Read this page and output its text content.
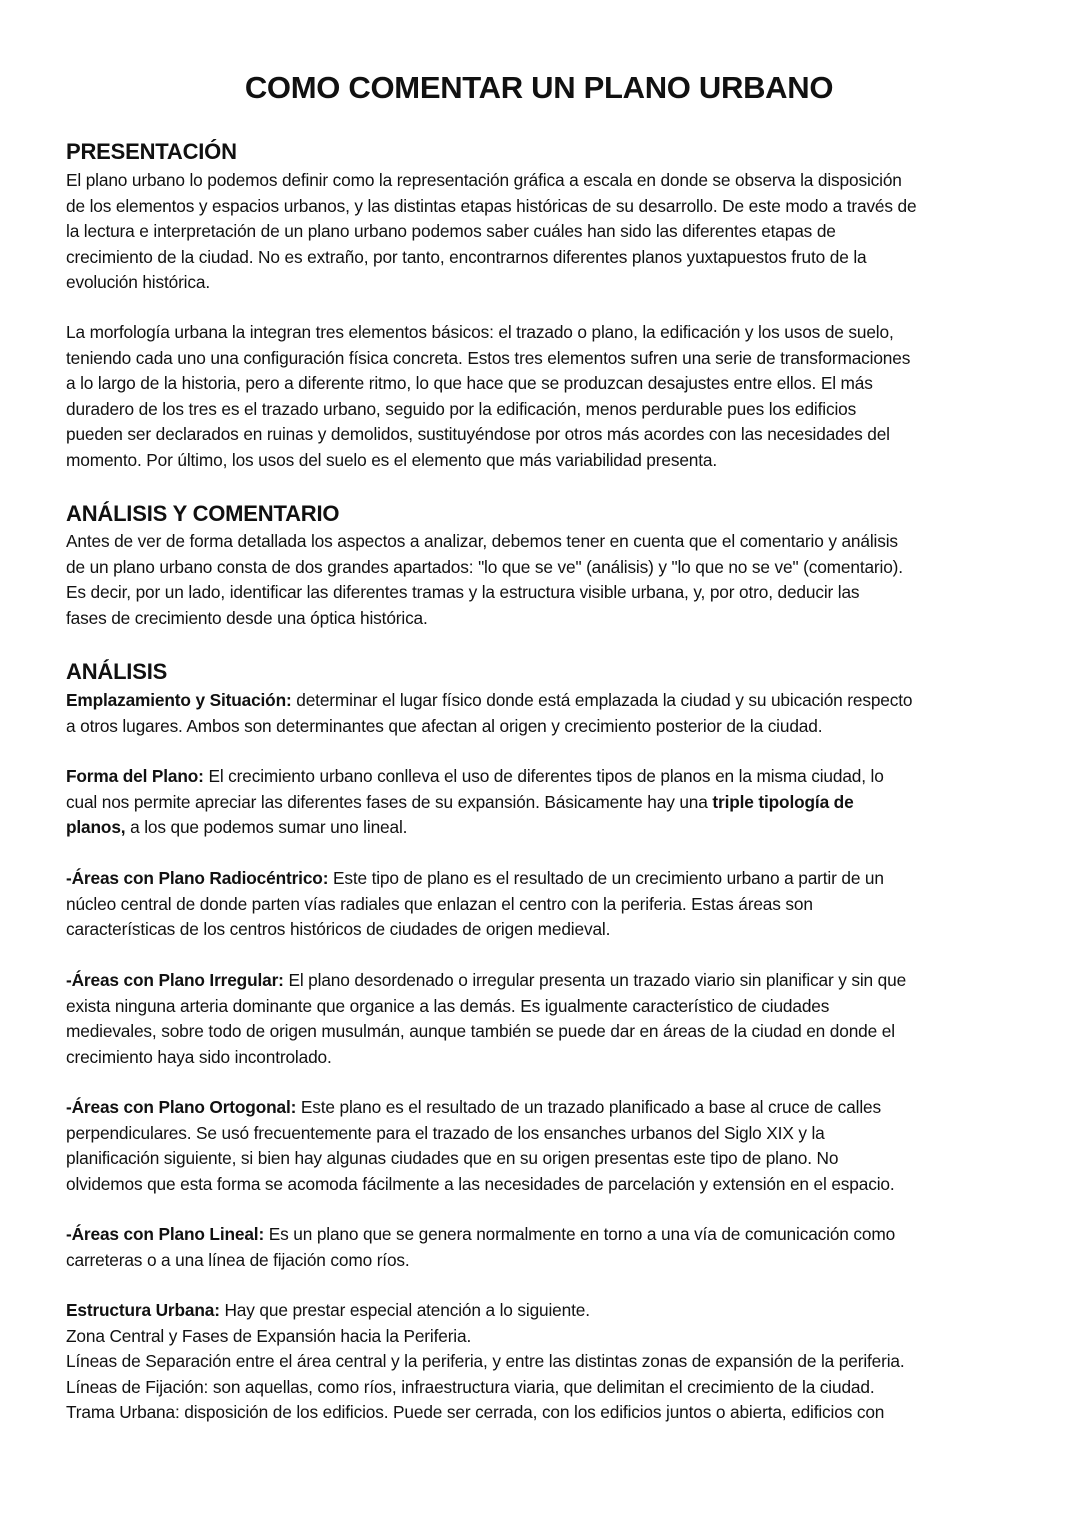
COMO COMENTAR UN PLANO URBANO
PRESENTACIÓN
El plano urbano lo podemos definir como la representación gráfica a escala en donde se observa la disposición
de los elementos y espacios urbanos, y las distintas etapas históricas de su desarrollo. De este modo a través de
la lectura e interpretación de un plano urbano podemos saber cuáles han sido las diferentes etapas de
crecimiento de la ciudad. No es extraño, por tanto, encontrarnos diferentes planos yuxtapuestos fruto de la
evolución histórica.
La morfología urbana la integran tres elementos básicos: el trazado o plano, la edificación y los usos de suelo,
teniendo cada uno una configuración física concreta. Estos tres elementos sufren una serie de transformaciones
a lo largo de la historia, pero a diferente ritmo, lo que hace que se produzcan desajustes entre ellos. El más
duradero de los tres es el trazado urbano, seguido por la edificación, menos perdurable pues los edificios
pueden ser declarados en ruinas y demolidos, sustituyéndose por otros más acordes con las necesidades del
momento. Por último, los usos del suelo es el elemento que más variabilidad presenta.
ANÁLISIS Y COMENTARIO
Antes de ver de forma detallada los aspectos a analizar, debemos tener en cuenta que el comentario y análisis
de un plano urbano consta de dos grandes apartados: "lo que se ve" (análisis) y "lo que no se ve" (comentario).
Es decir, por un lado, identificar las diferentes tramas y la estructura visible urbana, y, por otro, deducir las
fases de crecimiento desde una óptica histórica.
ANÁLISIS
Emplazamiento y Situación: determinar el lugar físico donde está emplazada la ciudad y su ubicación respecto
a otros lugares. Ambos son determinantes que afectan al origen y crecimiento posterior de la ciudad.
Forma del Plano: El crecimiento urbano conlleva el uso de diferentes tipos de planos en la misma ciudad, lo
cual nos permite apreciar las diferentes fases de su expansión. Básicamente hay una triple tipología de
planos, a los que podemos sumar uno lineal.
-Áreas con Plano Radiocéntrico: Este tipo de plano es el resultado de un crecimiento urbano a partir de un
núcleo central de donde parten vías radiales que enlazan el centro con la periferia. Estas áreas son
características de los centros históricos de ciudades de origen medieval.
-Áreas con Plano Irregular: El plano desordenado o irregular presenta un trazado viario sin planificar y sin que
exista ninguna arteria dominante que organice a las demás. Es igualmente característico de ciudades
medievales, sobre todo de origen musulmán, aunque también se puede dar en áreas de la ciudad en donde el
crecimiento haya sido incontrolado.
-Áreas con Plano Ortogonal: Este plano es el resultado de un trazado planificado a base al cruce de calles
perpendiculares. Se usó frecuentemente para el trazado de los ensanches urbanos del Siglo XIX y la
planificación siguiente, si bien hay algunas ciudades que en su origen presentas este tipo de plano. No
olvidemos que esta forma se acomoda fácilmente a las necesidades de parcelación y extensión en el espacio.
-Áreas con Plano Lineal: Es un plano que se genera normalmente en torno a una vía de comunicación como
carreteras o a una línea de fijación como ríos.
Estructura Urbana: Hay que prestar especial atención a lo siguiente.
Zona Central y Fases de Expansión hacia la Periferia.
Líneas de Separación entre el área central y la periferia, y entre las distintas zonas de expansión de la periferia.
Líneas de Fijación: son aquellas, como ríos, infraestructura viaria, que delimitan el crecimiento de la ciudad.
Trama Urbana: disposición de los edificios. Puede ser cerrada, con los edificios juntos o abierta, edificios con
